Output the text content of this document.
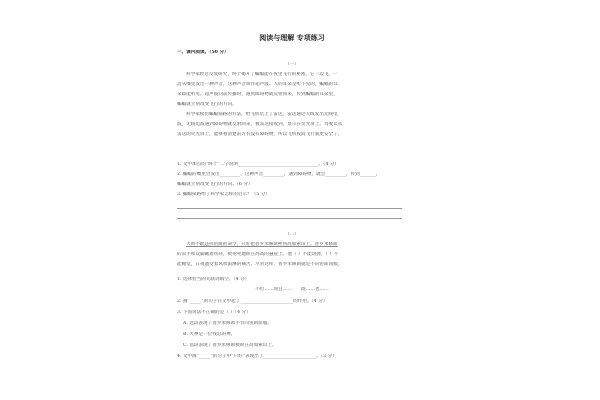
阅读与理解 专项练习
一、课内阅读。（50 分）
（一）
科学家经过反复研究，终于揭开了蝙蝠能在夜里飞行的秘密。它一边飞，一
边从嘴里发出一种声音，这种声音叫作超声波。人的耳朵是听不见的，蝙蝠的耳
朵却能听见。超声波向前传播时，遇到障碍物就反射回来，传到蝙蝠的耳朵里，
蝙蝠就立刻改变飞行的方向。
科学家模仿蝙蝠探路的方法，给飞机装上了雷达。雷达通过天线发出无线电
波，无线电波遇到障碍物就反射回来，被雷达接收到，显示在荧光屏上。驾驶员从
雷达的荧光屏上，能够看清楚前方有没有障碍物，所以飞机夜间飞行就更安全了。
1. 文中加点的“终于”二字说明___________________________________。（4 分）
2. 蝙蝠的嘴里会发出_________，这种声音_________，遇到障碍物，就会_________，传到_______，
蝙蝠就立刻改变飞行的方向。（6 分）
3. 蝙蝠探路给了科学家怎样的启示？（5 分）
（二）
大禹不敢违抗宙斯的命令，只好把普罗米修斯押到高加索山上。普罗米修斯
的双手和双脚戴着铁环，被死死地锁在高高的悬崖上。他（ ）不能动弹，（ ）不
能睡觉，日夜遭受着风吹雨淋的痛苦。尽管这样，普罗米修斯就是不向宙斯屈服。
1. 选择恰当的关联词填空。（4 分）
不但……而且……　　既……也……
2. 画“_____”的句子在文中起了_______________________的作用。（4 分）
3. 下面说法不正确的是（ ）（4 分）
A. 选段表现了普罗米修斯不肯向宙斯屈服。
B. 火神是一位残忍的神。
C. 选段表现了普罗米修斯被锁在高加索山上。
4. 文中画“_____”的句子中“只好”表现出了_______________________。（3 分）
